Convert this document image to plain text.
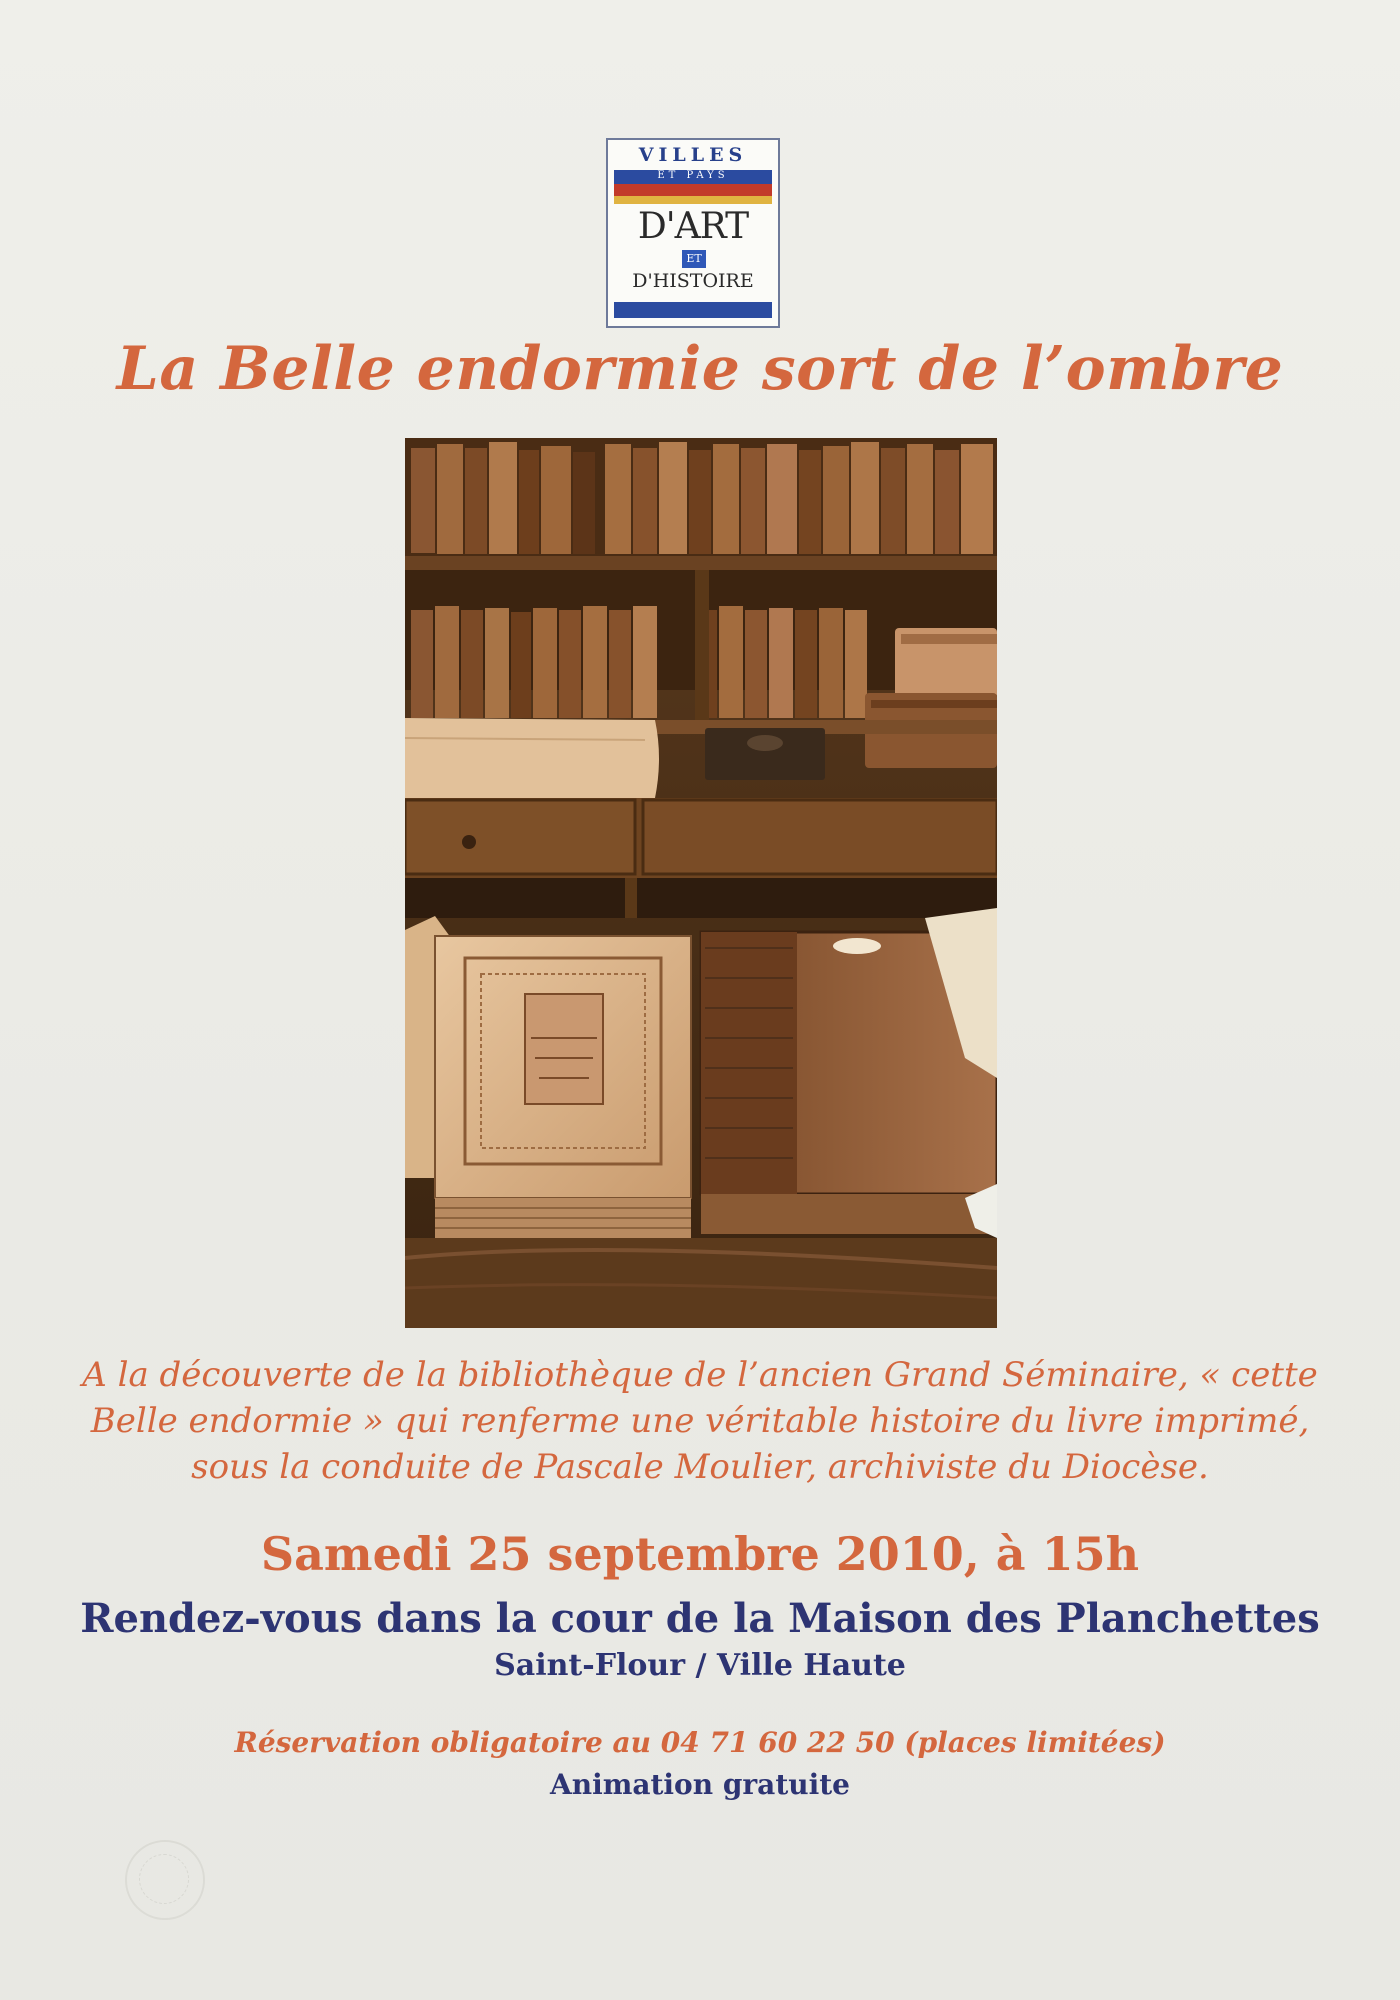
VILLES
ET PAYS
D'ART
ET
D'HISTOIRE
La Belle endormie sort de l’ombre
A la découverte de la bibliothèque de l’ancien Grand Séminaire, « cette
Belle endormie » qui renferme une véritable histoire du livre imprimé,
sous la conduite de Pascale Moulier, archiviste du Diocèse.
Samedi 25 septembre 2010, à 15h
Rendez-vous dans la cour de la Maison des Planchettes
Saint-Flour / Ville Haute
Réservation obligatoire au 04 71 60 22 50 (places limitées)
Animation gratuite
